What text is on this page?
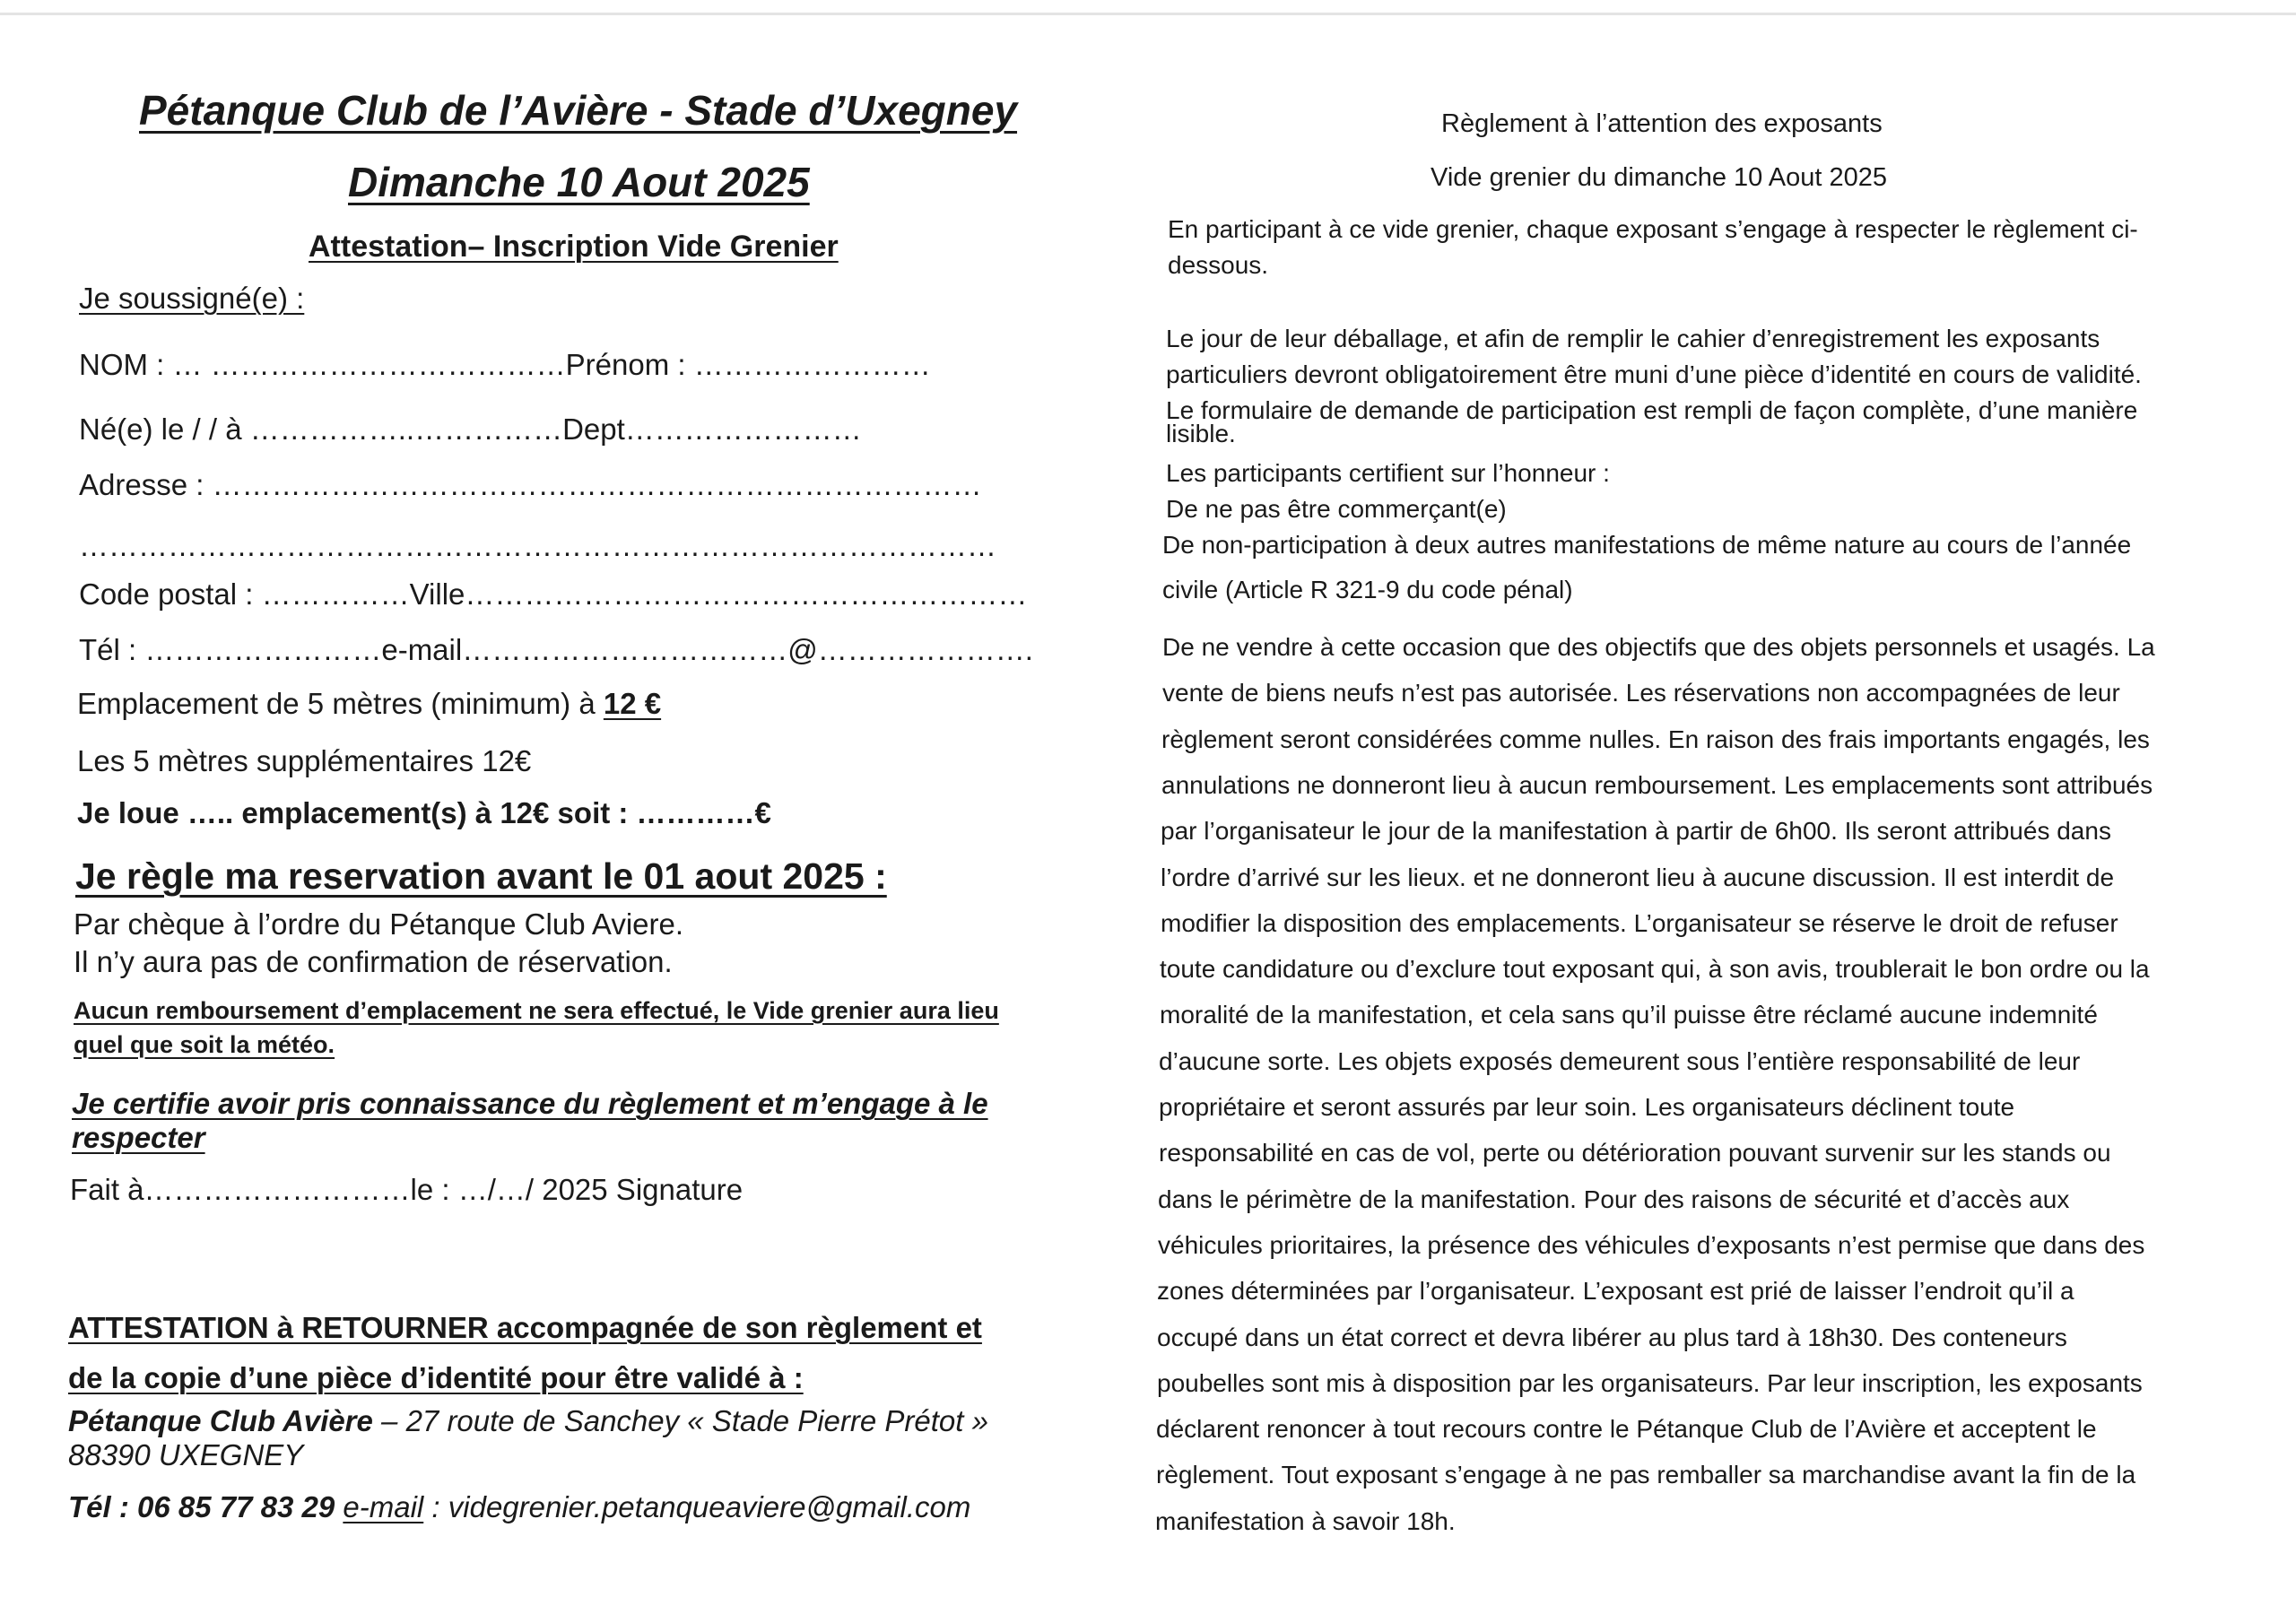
Pétanque Club de l’Avière - Stade d’Uxegney
Dimanche 10 Aout 2025
Attestation– Inscription Vide Grenier
Je soussigné(e) :
NOM : … ………………………………Prénom : ……………………
Né(e) le / / à ……………..……………Dept……………………
Adresse : ……………………………………………………………………
…………………………………………………………………………………
Code postal : ……………Ville…………………………………………………
Tél : ……………………e-mail……………………………@………………….
Emplacement de 5 mètres (minimum) à 12 €
Les 5 mètres supplémentaires 12€
Je loue ….. emplacement(s) à 12€ soit : …………€
Je règle ma reservation avant le 01 aout 2025 :
Par chèque à l’ordre du Pétanque Club Aviere.
Il n’y aura pas de confirmation de réservation.
Aucun remboursement d’emplacement ne sera effectué, le Vide grenier aura lieu
quel que soit la météo.
Je certifie avoir pris connaissance du règlement et m’engage à le
respecter
Fait à………………………le : …/…/ 2025 Signature
ATTESTATION à RETOURNER accompagnée de son règlement et
de la copie d’une pièce d’identité pour être validé à :
Pétanque Club Avière – 27 route de Sanchey « Stade Pierre Prétot »
88390 UXEGNEY
Tél : 06 85 77 83 29 e-mail : videgrenier.petanqueaviere@gmail.com
Règlement à l’attention des exposants
Vide grenier du dimanche 10 Aout 2025
En participant à ce vide grenier, chaque exposant s’engage à respecter le règlement ci-
dessous.
Le jour de leur déballage, et afin de remplir le cahier d’enregistrement les exposants
particuliers devront obligatoirement être muni d’une pièce d’identité en cours de validité.
Le formulaire de demande de participation est rempli de façon complète, d’une manière
lisible.
Les participants certifient sur l’honneur :
De ne pas être commerçant(e)
De non-participation à deux autres manifestations de même nature au cours de l’année
civile (Article R 321-9 du code pénal)
De ne vendre à cette occasion que des objectifs que des objets personnels et usagés. La
vente de biens neufs n’est pas autorisée. Les réservations non accompagnées de leur
règlement seront considérées comme nulles. En raison des frais importants engagés, les
annulations ne donneront lieu à aucun remboursement. Les emplacements sont attribués
par l’organisateur le jour de la manifestation à partir de 6h00. Ils seront attribués dans
l’ordre d’arrivé sur les lieux. et ne donneront lieu à aucune discussion. Il est interdit de
modifier la disposition des emplacements. L’organisateur se réserve le droit de refuser
toute candidature ou d’exclure tout exposant qui, à son avis, troublerait le bon ordre ou la
moralité de la manifestation, et cela sans qu’il puisse être réclamé aucune indemnité
d’aucune sorte. Les objets exposés demeurent sous l’entière responsabilité de leur
propriétaire et seront assurés par leur soin. Les organisateurs déclinent toute
responsabilité en cas de vol, perte ou détérioration pouvant survenir sur les stands ou
dans le périmètre de la manifestation. Pour des raisons de sécurité et d’accès aux
véhicules prioritaires, la présence des véhicules d’exposants n’est permise que dans des
zones déterminées par l’organisateur. L’exposant est prié de laisser l’endroit qu’il a
occupé dans un état correct et devra libérer au plus tard à 18h30. Des conteneurs
poubelles sont mis à disposition par les organisateurs. Par leur inscription, les exposants
déclarent renoncer à tout recours contre le Pétanque Club de l’Avière et acceptent le
règlement. Tout exposant s’engage à ne pas remballer sa marchandise avant la fin de la
manifestation à savoir 18h.
